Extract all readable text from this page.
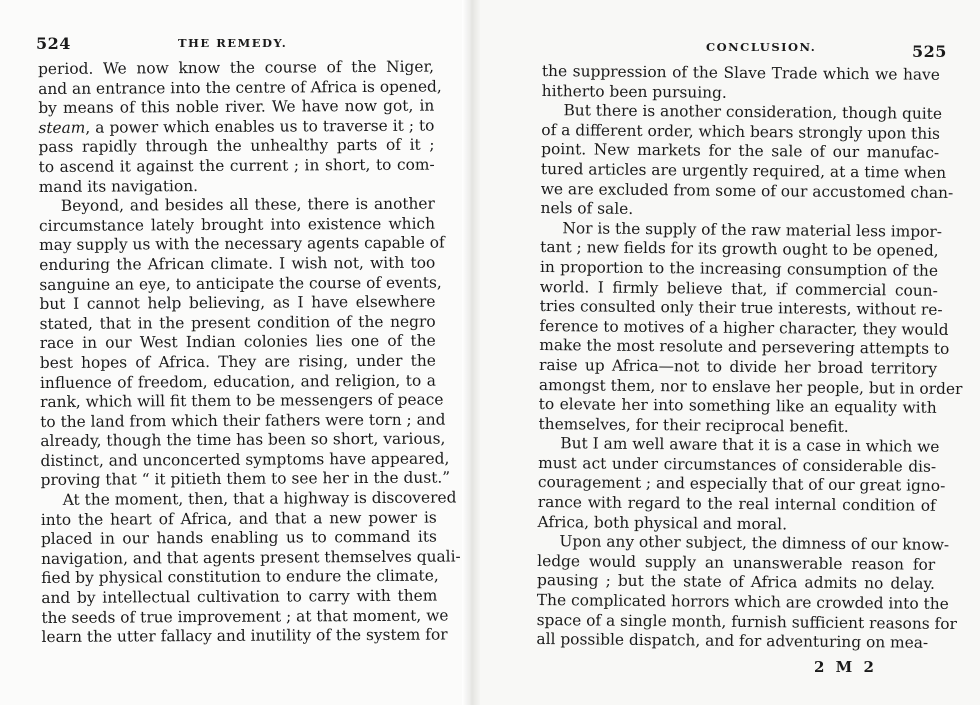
524	THE REMEDY.	CONCLUSION.	525
period. We now know the course of the Niger,
and an entrance into the centre of Africa is opened,
by means of this noble river. We have now got, in
steam, a power which enables us to traverse it ; to
pass rapidly through the unhealthy parts of it ;
to ascend it against the current ; in short, to com-
mand its navigation.
Beyond, and besides all these, there is another
circumstance lately brought into existence which
may supply us with the necessary agents capable of
enduring the African climate. I wish not, with too
sanguine an eye, to anticipate the course of events,
but I cannot help believing, as I have elsewhere
stated, that in the present condition of the negro
race in our West Indian colonies lies one of the
best hopes of Africa. They are rising, under the
influence of freedom, education, and religion, to a
rank, which will fit them to be messengers of peace
to the land from which their fathers were torn ; and
already, though the time has been so short, various,
distinct, and unconcerted symptoms have appeared,
proving that “ it pitieth them to see her in the dust.”
At the moment, then, that a highway is discovered
into the heart of Africa, and that a new power is
placed in our hands enabling us to command its
navigation, and that agents present themselves quali-
fied by physical constitution to endure the climate,
and by intellectual cultivation to carry with them
the seeds of true improvement ; at that moment, we
learn the utter fallacy and inutility of the system for
the suppression of the Slave Trade which we have
hitherto been pursuing.
But there is another consideration, though quite
of a different order, which bears strongly upon this
point. New markets for the sale of our manufac-
tured articles are urgently required, at a time when
we are excluded from some of our accustomed chan-
nels of sale.
Nor is the supply of the raw material less impor-
tant ; new fields for its growth ought to be opened,
in proportion to the increasing consumption of the
world. I firmly believe that, if commercial coun-
tries consulted only their true interests, without re-
ference to motives of a higher character, they would
make the most resolute and persevering attempts to
raise up Africa—not to divide her broad territory
amongst them, nor to enslave her people, but in order
to elevate her into something like an equality with
themselves, for their reciprocal benefit.
But I am well aware that it is a case in which we
must act under circumstances of considerable dis-
couragement ; and especially that of our great igno-
rance with regard to the real internal condition of
Africa, both physical and moral.
Upon any other subject, the dimness of our know-
ledge would supply an unanswerable reason for
pausing ; but the state of Africa admits no delay.
The complicated horrors which are crowded into the
space of a single month, furnish sufficient reasons for
all possible dispatch, and for adventuring on mea-
2 M 2
